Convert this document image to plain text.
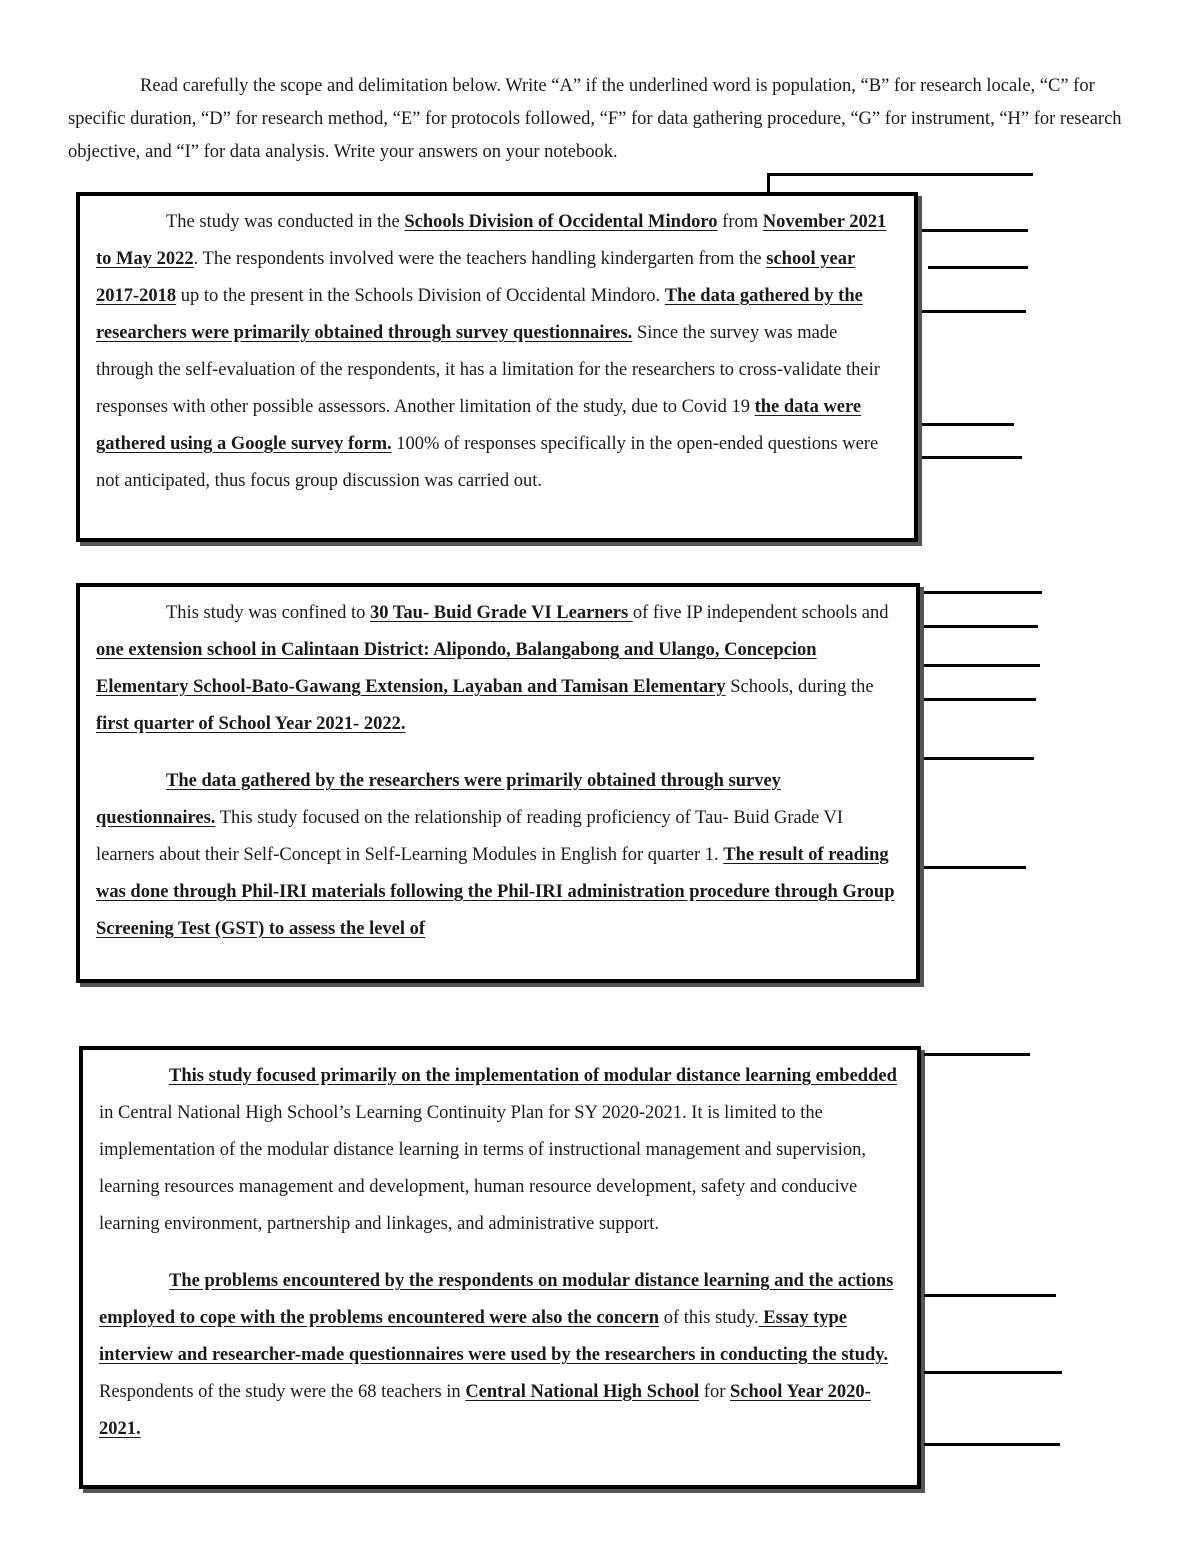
Read carefully the scope and delimitation below. Write “A” if the underlined word is population, “B” for research locale, “C” for specific duration, “D” for research method, “E” for protocols followed, “F” for data gathering procedure, “G” for instrument, “H” for research objective, and “I” for data analysis. Write your answers on your notebook.

The study was conducted in the Schools Division of Occidental Mindoro from November 2021 to May 2022. The respondents involved were the teachers handling kindergarten from the school year 2017-2018 up to the present in the Schools Division of Occidental Mindoro. The data gathered by the researchers were primarily obtained through survey questionnaires. Since the survey was made through the self-evaluation of the respondents, it has a limitation for the researchers to cross-validate their responses with other possible assessors. Another limitation of the study, due to Covid 19 the data were gathered using a Google survey form. 100% of responses specifically in the open-ended questions were not anticipated, thus focus group discussion was carried out.

This study was confined to 30 Tau- Buid Grade VI Learners of five IP independent schools and one extension school in Calintaan District: Alipondo, Balangabong and Ulango, Concepcion Elementary School-Bato-Gawang Extension, Layaban and Tamisan Elementary Schools, during the first quarter of School Year 2021- 2022.

The data gathered by the researchers were primarily obtained through survey questionnaires. This study focused on the relationship of reading proficiency of Tau- Buid Grade VI learners about their Self-Concept in Self-Learning Modules in English for quarter 1. The result of reading was done through Phil-IRI materials following the Phil-IRI administration procedure through Group Screening Test (GST) to assess the level of

This study focused primarily on the implementation of modular distance learning embedded in Central National High School’s Learning Continuity Plan for SY 2020-2021. It is limited to the implementation of the modular distance learning in terms of instructional management and supervision, learning resources management and development, human resource development, safety and conducive learning environment, partnership and linkages, and administrative support.

The problems encountered by the respondents on modular distance learning and the actions employed to cope with the problems encountered were also the concern of this study. Essay type interview and researcher-made questionnaires were used by the researchers in conducting the study. Respondents of the study were the 68 teachers in Central National High School for School Year 2020-2021.
